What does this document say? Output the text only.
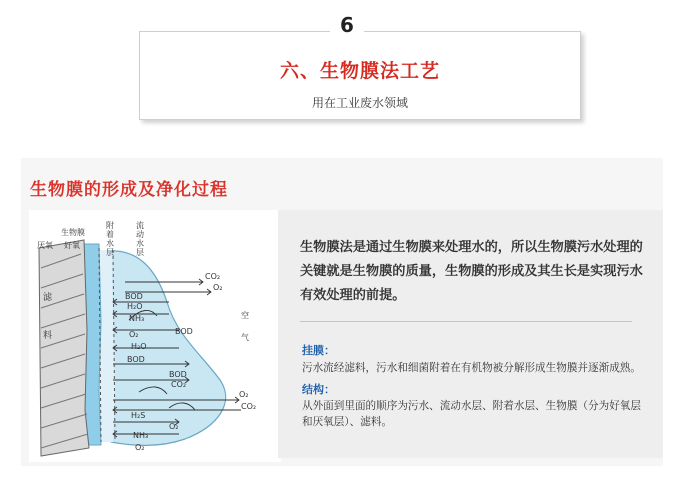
六、生物膜法工艺
用在工业废水领域
6
生物膜的形成及净化过程
生物膜
厌氧 好氧
附
着
水
层
流
动
水
层
滤
料
空
气
CO₂
O₂
BOD
H₂O
NH₃
BOD
O₂
H₂O
BOD
BOD
CO₂
O₂
CO₂
H₂S
O₂
NH₃
O₂
生物膜法是通过生物膜来处理水的，所以生物膜污水处理的关键就是生物膜的质量，生物膜的形成及其生长是实现污水有效处理的前提。
挂膜：
污水流经滤料，污水和细菌附着在有机物被分解形成生物膜并逐渐成熟。
结构：
从外面到里面的顺序为污水、流动水层、附着水层、生物膜（分为好氧层和厌氧层）、滤料。
